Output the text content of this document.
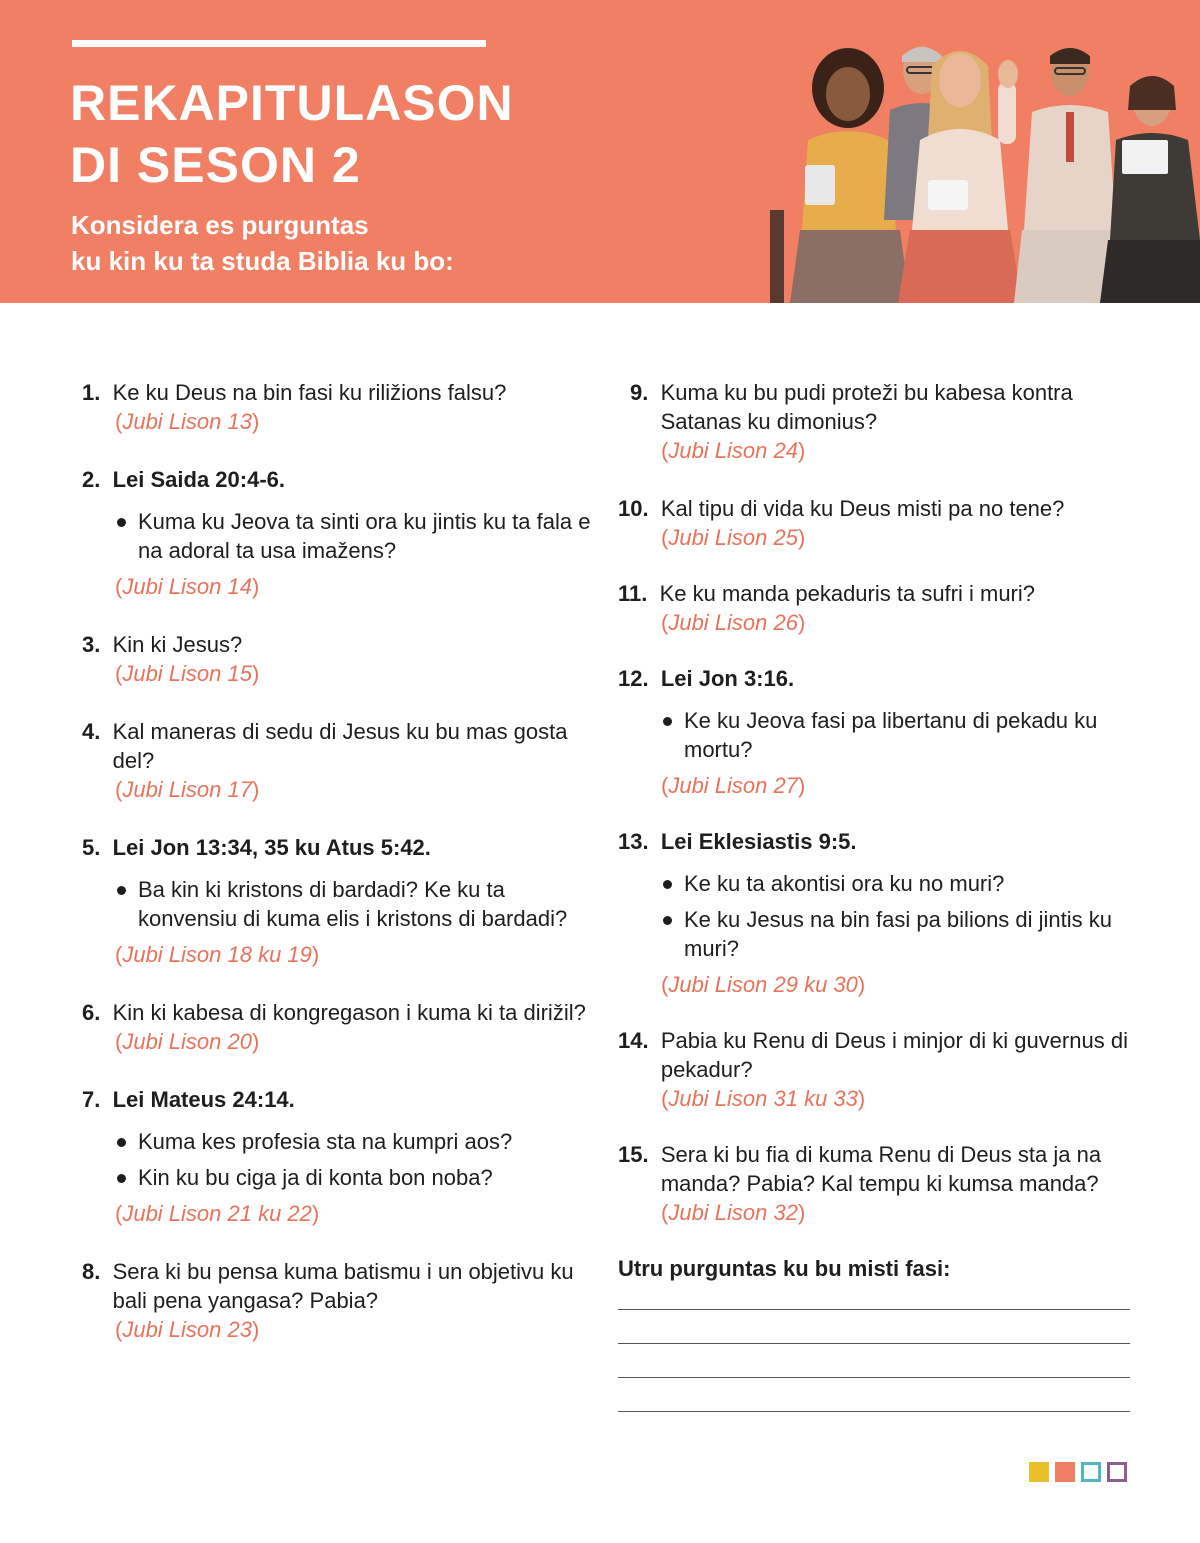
REKAPITULASON
DI SESON 2

Konsidera es purguntas
ku kin ku ta studa Biblia ku bo:

1.
Ke ku Deus na bin fasi ku riližions falsu?
(Jubi Lison 13)
2.
Lei Saida 20:4-6.
Kuma ku Jeova ta sinti ora ku jintis ku ta fala e na adoral ta usa imažens?
(Jubi Lison 14)
3.
Kin ki Jesus?
(Jubi Lison 15)
4.
Kal maneras di sedu di Jesus ku bu mas gosta del?
(Jubi Lison 17)
5.
Lei Jon 13:34, 35 ku Atus 5:42.
Ba kin ki kristons di bardadi? Ke ku ta konvensiu di kuma elis i kristons di bardadi?
(Jubi Lison 18 ku 19)
6.
Kin ki kabesa di kongregason i kuma ki ta dirižil?
(Jubi Lison 20)
7.
Lei Mateus 24:14.
Kuma kes profesia sta na kumpri aos?
Kin ku bu ciga ja di konta bon noba?
(Jubi Lison 21 ku 22)
8.
Sera ki bu pensa kuma batismu i un objetivu ku bali pena yangasa? Pabia?
(Jubi Lison 23)
9.
Kuma ku bu pudi proteži bu kabesa kontra Satanas ku dimonius?
(Jubi Lison 24)
10.
Kal tipu di vida ku Deus misti pa no tene?
(Jubi Lison 25)
11.
Ke ku manda pekaduris ta sufri i muri?
(Jubi Lison 26)
12.
Lei Jon 3:16.
Ke ku Jeova fasi pa libertanu di pekadu ku mortu?
(Jubi Lison 27)
13.
Lei Eklesiastis 9:5.
Ke ku ta akontisi ora ku no muri?
Ke ku Jesus na bin fasi pa bilions di jintis ku muri?
(Jubi Lison 29 ku 30)
14.
Pabia ku Renu di Deus i minjor di ki guvernus di pekadur?
(Jubi Lison 31 ku 33)
15.
Sera ki bu fia di kuma Renu di Deus sta ja na manda? Pabia? Kal tempu ki kumsa manda?
(Jubi Lison 32)

Utru purguntas ku bu misti fasi:
